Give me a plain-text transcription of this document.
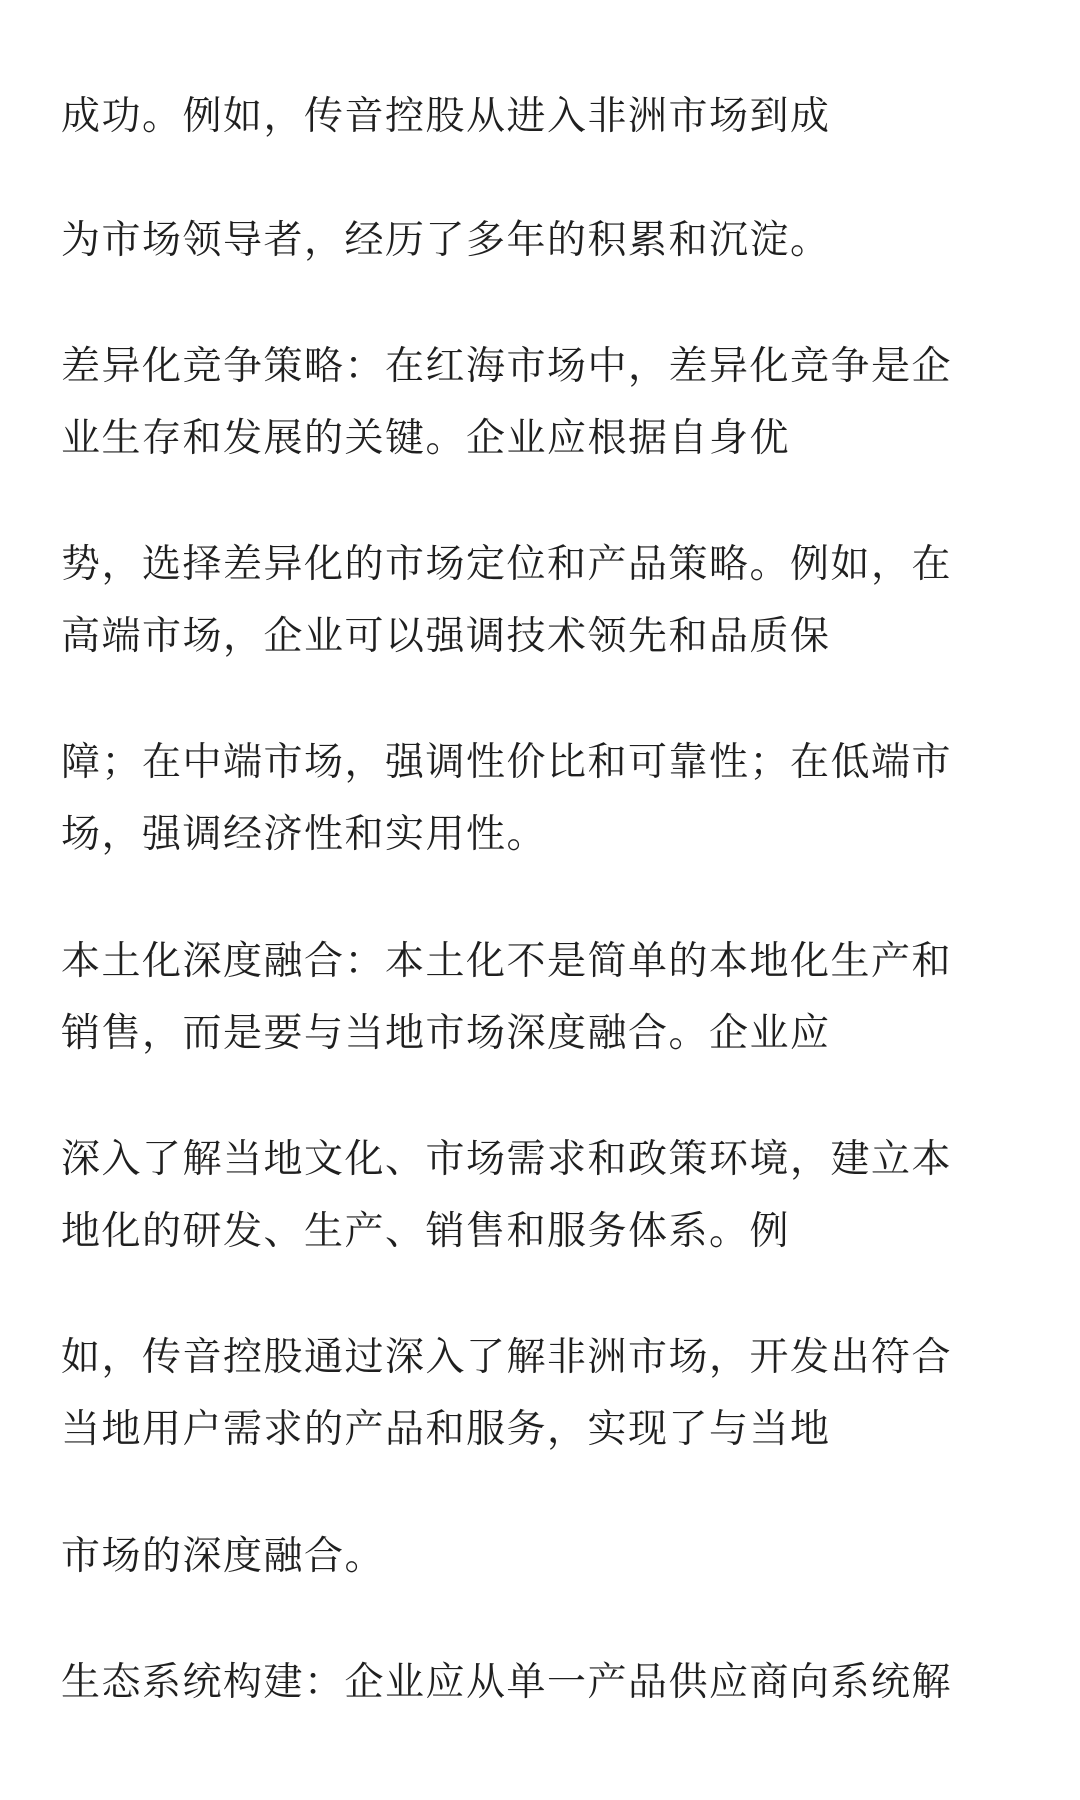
成功。例如，传音控股从进入非洲市场到成
为市场领导者，经历了多年的积累和沉淀。
差异化竞争策略：在红海市场中，差异化竞争是企
业生存和发展的关键。企业应根据自身优
势，选择差异化的市场定位和产品策略。例如，在
高端市场，企业可以强调技术领先和品质保
障；在中端市场，强调性价比和可靠性；在低端市
场，强调经济性和实用性。
本土化深度融合：本土化不是简单的本地化生产和
销售，而是要与当地市场深度融合。企业应
深入了解当地文化、市场需求和政策环境，建立本
地化的研发、生产、销售和服务体系。例
如，传音控股通过深入了解非洲市场，开发出符合
当地用户需求的产品和服务，实现了与当地
市场的深度融合。
生态系统构建：企业应从单一产品供应商向系统解
